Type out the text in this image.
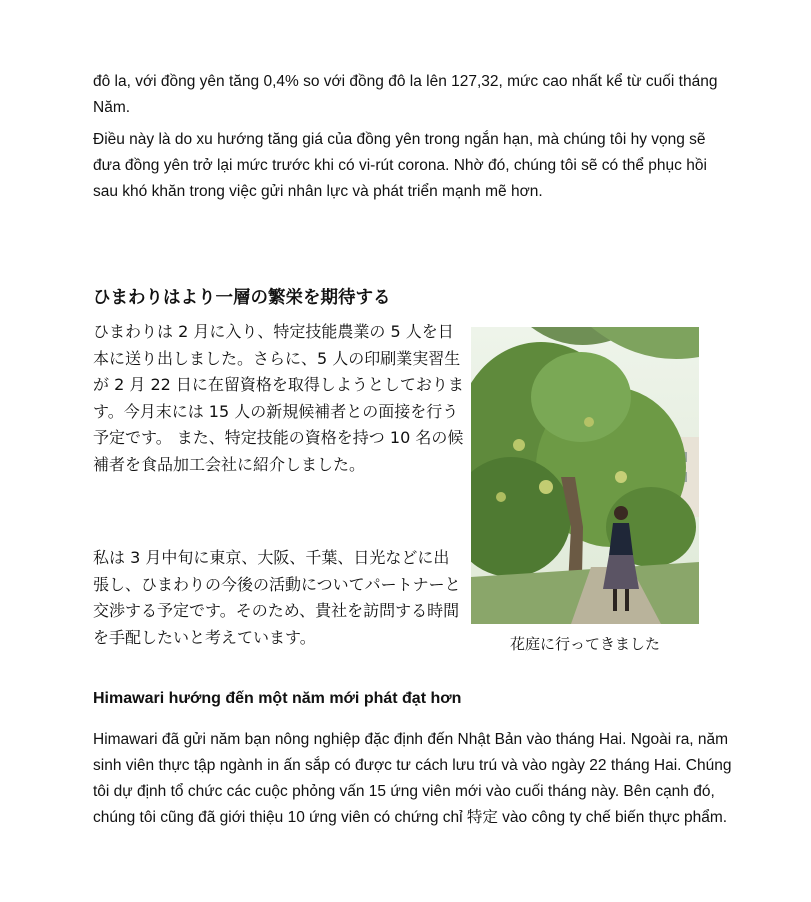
đô la, với đồng yên tăng 0,4% so với đồng đô la lên 127,32, mức cao nhất kể từ cuối tháng Năm.

Điều này là do xu hướng tăng giá của đồng yên trong ngắn hạn, mà chúng tôi hy vọng sẽ đưa đồng yên trở lại mức trước khi có vi-rút corona. Nhờ đó, chúng tôi sẽ có thể phục hồi sau khó khăn trong việc gửi nhân lực và phát triển mạnh mẽ hơn.

ひまわりはより一層の繁栄を期待する

ひまわりは 2 月に入り、特定技能農業の 5 人を日本に送り出しました。さらに、5 人の印刷業実習生が 2 月 22 日に在留資格を取得しようとしております。今月末には 15 人の新規候補者との面接を行う予定です。 また、特定技能の資格を持つ 10 名の候補者を食品加工会社に紹介しました。

私は 3 月中旬に東京、大阪、千葉、日光などに出張し、ひまわりの今後の活動についてパートナーと交渉する予定です。そのため、貴社を訪問する時間を手配したいと考えています。	花庭に行ってきました

Himawari hướng đến một năm mới phát đạt hơn

Himawari đã gửi năm bạn nông nghiệp đặc định đến Nhật Bản vào tháng Hai. Ngoài ra, năm sinh viên thực tập ngành in ấn sắp có được tư cách lưu trú và vào ngày 22 tháng Hai. Chúng tôi dự định tổ chức các cuộc phỏng vấn 15 ứng viên mới vào cuối tháng này. Bên cạnh đó, chúng tôi cũng đã giới thiệu 10 ứng viên có chứng chỉ 特定 vào công ty chế biến thực phẩm.
